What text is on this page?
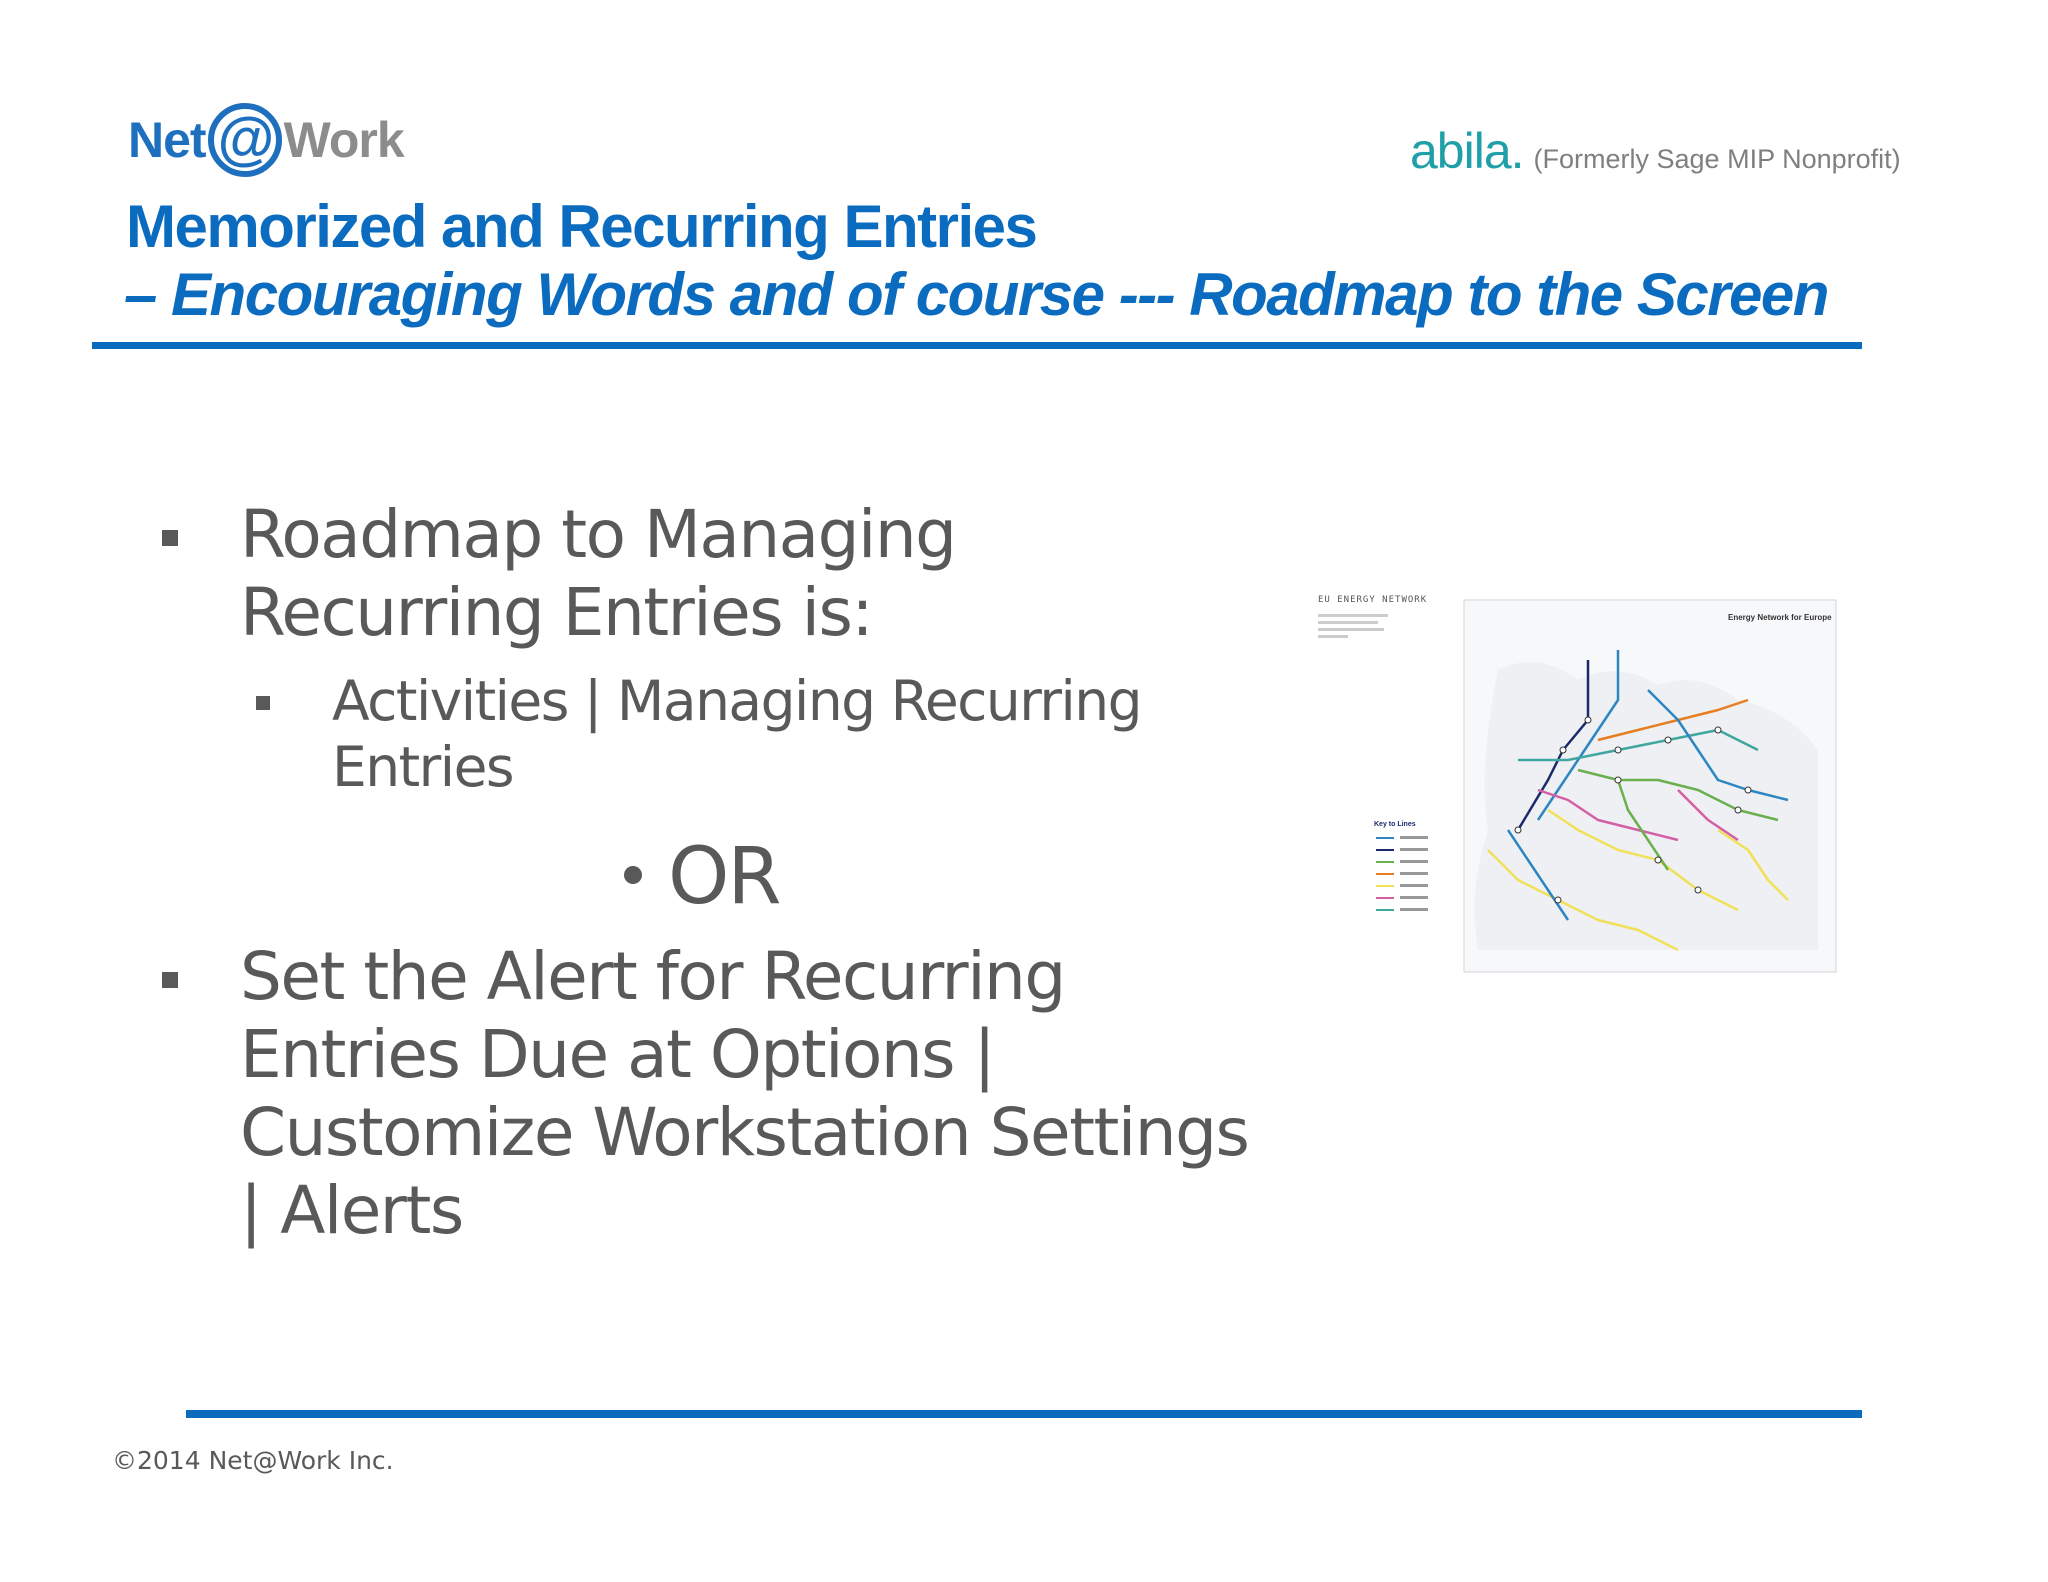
Net @ Work	abila. (Formerly Sage MIP Nonprofit)
Memorized and Recurring Entries
– Encouraging Words and of course --- Roadmap to the Screen
Roadmap to Managing
Recurring Entries is:
Activities | Managing Recurring
Entries
OR
Set the Alert for Recurring
Entries Due at Options |
Customize Workstation Settings
| Alerts
EU ENERGY NETWORK
Energy Network for Europe
Key to Lines
©2014 Net@Work Inc.
